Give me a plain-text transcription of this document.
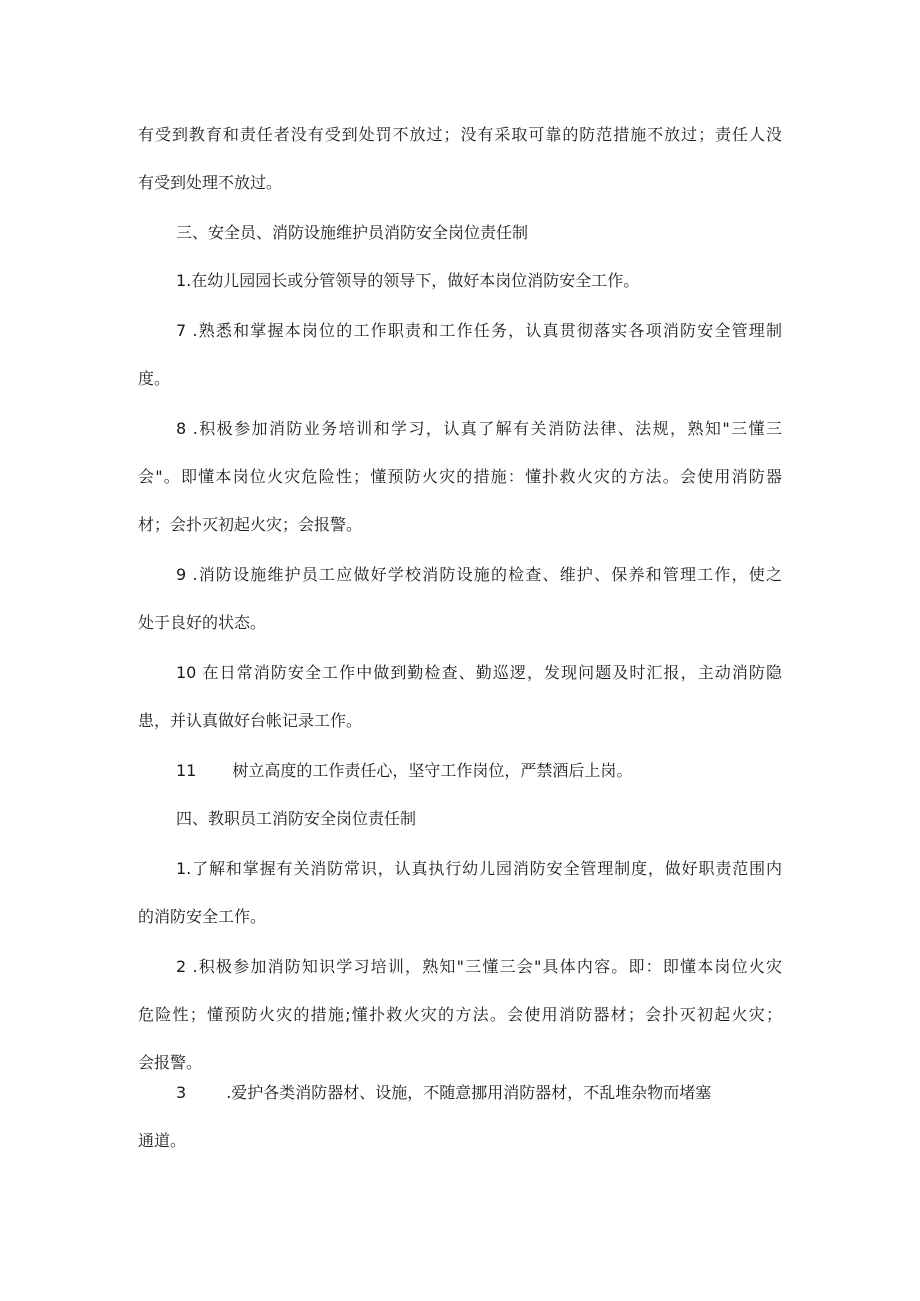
有受到教育和责任者没有受到处罚不放过；没有采取可靠的防范措施不放过；责任人没
有受到处理不放过。
三、安全员、消防设施维护员消防安全岗位责任制
1.在幼儿园园长或分管领导的领导下，做好本岗位消防安全工作。
7 .熟悉和掌握本岗位的工作职责和工作任务，认真贯彻落实各项消防安全管理制
度。
8 .积极参加消防业务培训和学习，认真了解有关消防法律、法规，熟知"三懂三
会"。即懂本岗位火灾危险性；懂预防火灾的措施：懂扑救火灾的方法。会使用消防器
材；会扑灭初起火灾；会报警。
9 .消防设施维护员工应做好学校消防设施的检查、维护、保养和管理工作，使之
处于良好的状态。
10 在日常消防安全工作中做到勤检查、勤巡逻，发现问题及时汇报，主动消防隐
患，并认真做好台帐记录工作。
11 树立高度的工作责任心，坚守工作岗位，严禁酒后上岗。
四、教职员工消防安全岗位责任制
1.了解和掌握有关消防常识，认真执行幼儿园消防安全管理制度，做好职责范围内
的消防安全工作。
2 .积极参加消防知识学习培训，熟知"三懂三会"具体内容。即：即懂本岗位火灾
危险性；懂预防火灾的措施;懂扑救火灾的方法。会使用消防器材；会扑灭初起火灾；
会报警。
3	.爱护各类消防器材、设施，不随意挪用消防器材，不乱堆杂物而堵塞
通道。
